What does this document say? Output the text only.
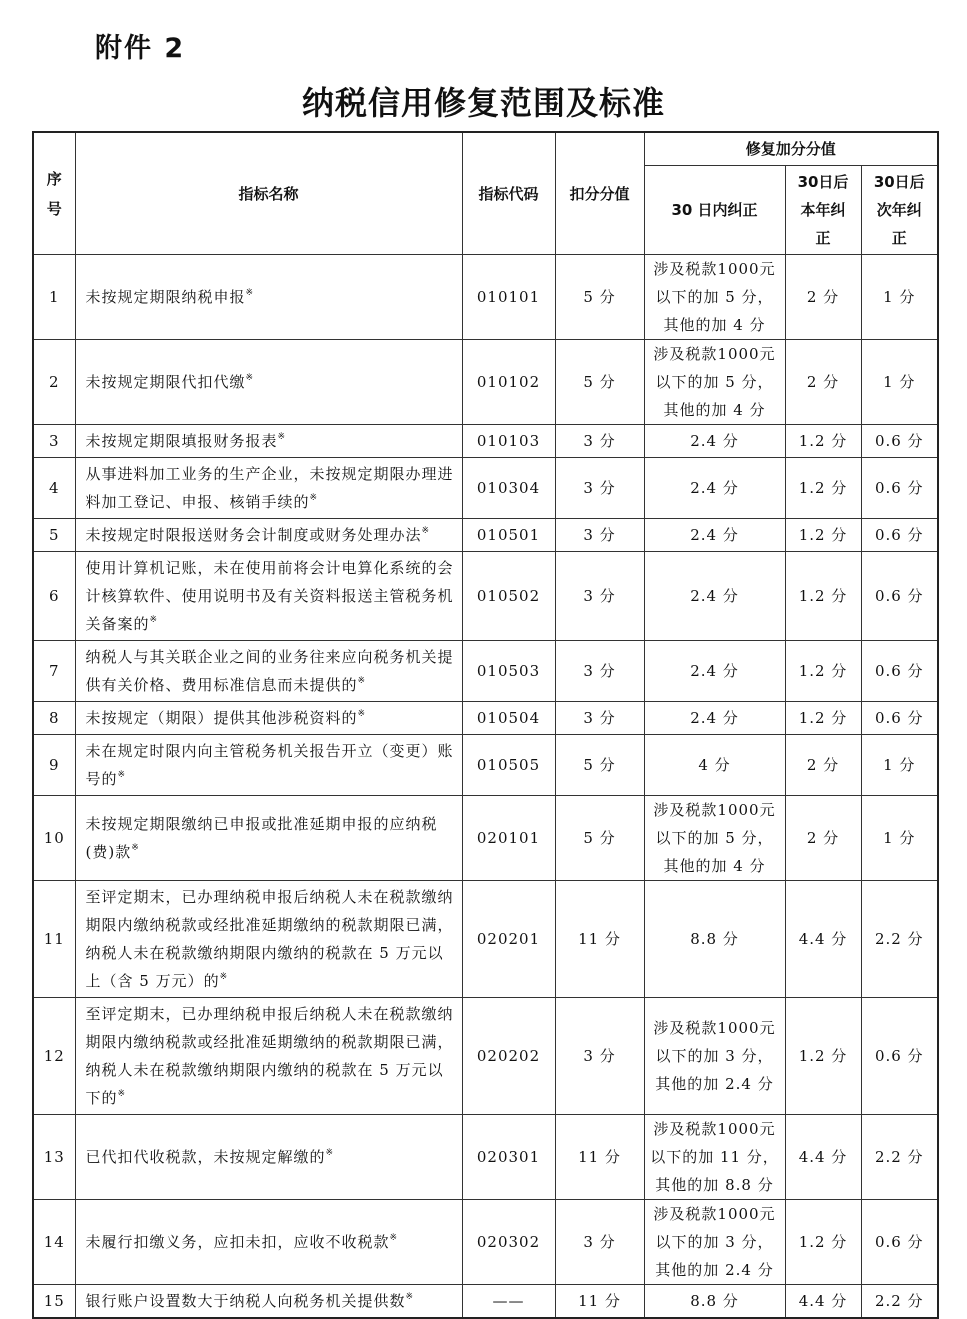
附件 2
纳税信用修复范围及标准
序号	指标名称	指标代码	扣分分值	修复加分分值		
				30 日内纠正	30日后本年纠正	30日后次年纠正
1	未按规定期限纳税申报※	010101	5 分	涉及税款1000元以下的加 5 分，其他的加 4 分	2 分	1 分
2	未按规定期限代扣代缴※	010102	5 分	涉及税款1000元以下的加 5 分，其他的加 4 分	2 分	1 分
3	未按规定期限填报财务报表※	010103	3 分	2.4 分	1.2 分	0.6 分
4	从事进料加工业务的生产企业，未按规定期限办理进料加工登记、申报、核销手续的※	010304	3 分	2.4 分	1.2 分	0.6 分
5	未按规定时限报送财务会计制度或财务处理办法※	010501	3 分	2.4 分	1.2 分	0.6 分
6	使用计算机记账，未在使用前将会计电算化系统的会计核算软件、使用说明书及有关资料报送主管税务机关备案的※	010502	3 分	2.4 分	1.2 分	0.6 分
7	纳税人与其关联企业之间的业务往来应向税务机关提供有关价格、费用标准信息而未提供的※	010503	3 分	2.4 分	1.2 分	0.6 分
8	未按规定（期限）提供其他涉税资料的※	010504	3 分	2.4 分	1.2 分	0.6 分
9	未在规定时限内向主管税务机关报告开立（变更）账号的※	010505	5 分	4 分	2 分	1 分
10	未按规定期限缴纳已申报或批准延期申报的应纳税(费)款※	020101	5 分	涉及税款1000元以下的加 5 分，其他的加 4 分	2 分	1 分
11	至评定期末，已办理纳税申报后纳税人未在税款缴纳期限内缴纳税款或经批准延期缴纳的税款期限已满，纳税人未在税款缴纳期限内缴纳的税款在 5 万元以上（含 5 万元）的※	020201	11 分	8.8 分	4.4 分	2.2 分
12	至评定期末，已办理纳税申报后纳税人未在税款缴纳期限内缴纳税款或经批准延期缴纳的税款期限已满，纳税人未在税款缴纳期限内缴纳的税款在 5 万元以下的※	020202	3 分	涉及税款1000元以下的加 3 分，其他的加 2.4 分	1.2 分	0.6 分
13	已代扣代收税款，未按规定解缴的※	020301	11 分	涉及税款1000元以下的加 11 分，其他的加 8.8 分	4.4 分	2.2 分
14	未履行扣缴义务，应扣未扣，应收不收税款※	020302	3 分	涉及税款1000元以下的加 3 分，其他的加 2.4 分	1.2 分	0.6 分
15	银行账户设置数大于纳税人向税务机关提供数※	——	11 分	8.8 分	4.4 分	2.2 分
